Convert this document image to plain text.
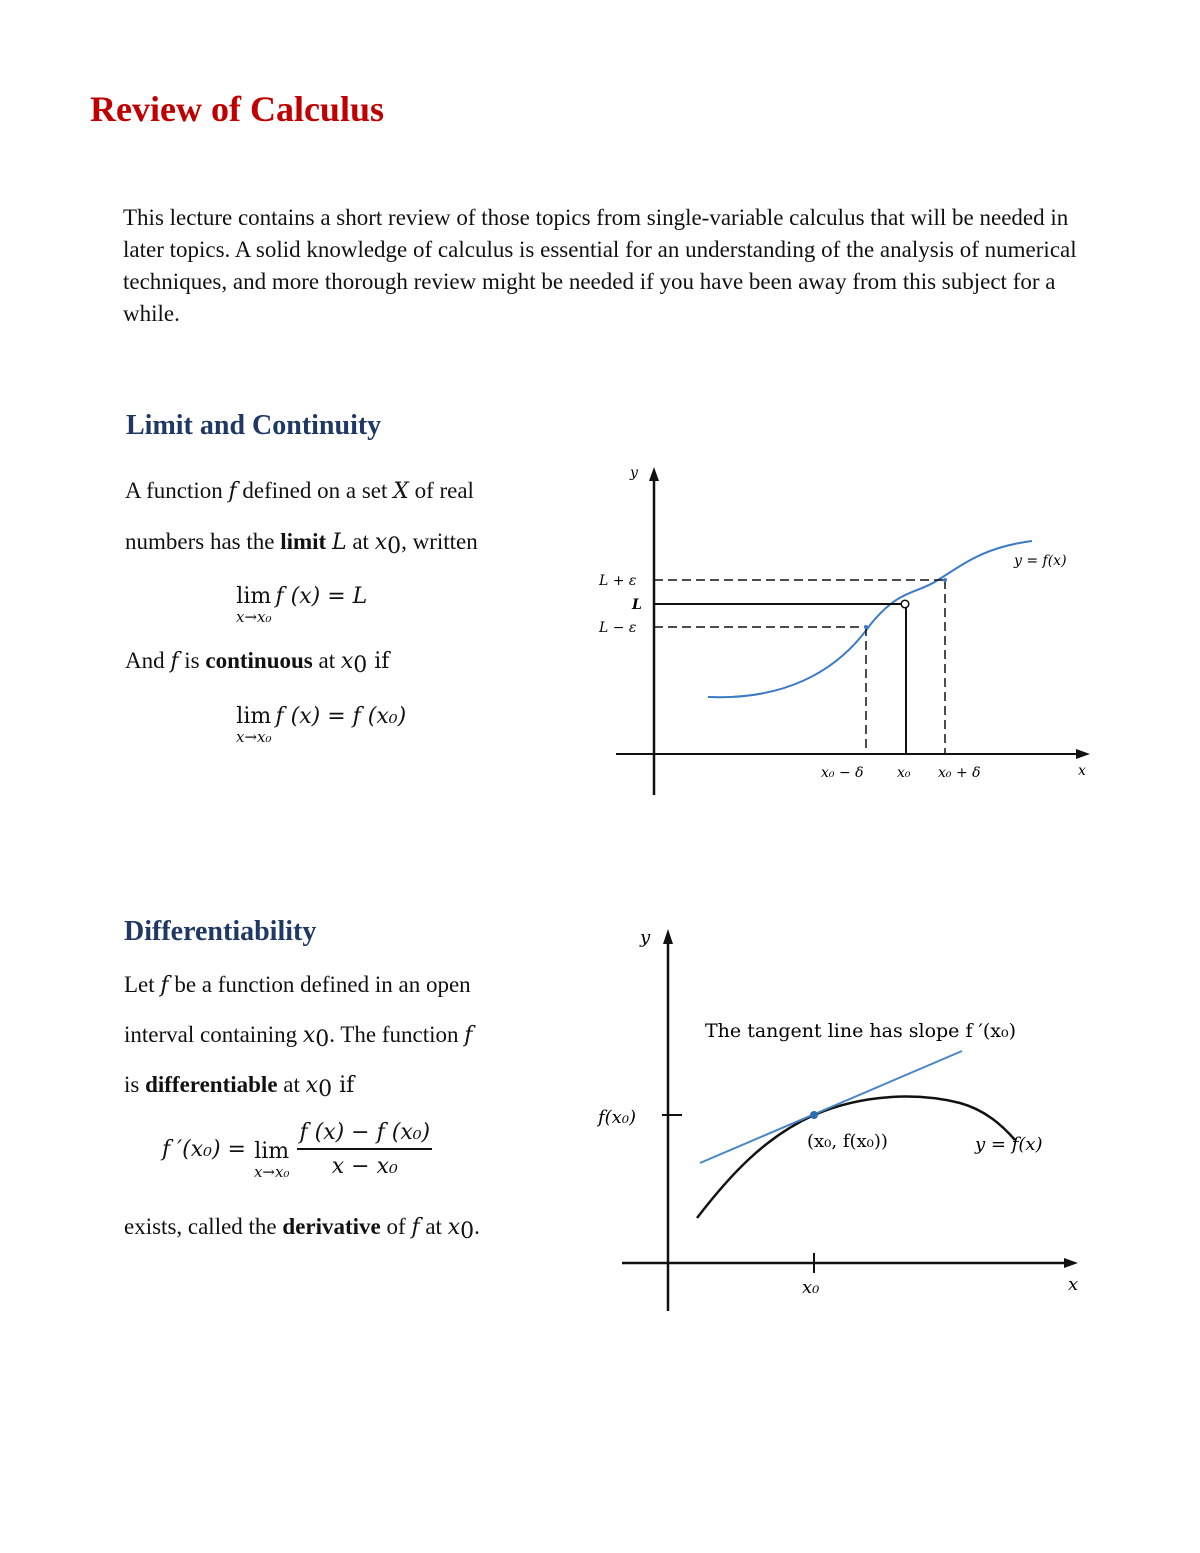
Review of Calculus
This lecture contains a short review of those topics from single-variable calculus that will be needed in later topics. A solid knowledge of calculus is essential for an understanding of the analysis of numerical techniques, and more thorough review might be needed if you have been away from this subject for a while.
Limit and Continuity
A function f defined on a set X of real
numbers has the limit L at $x_0$, written
lim
x→x₀
f (x) = L
And f is continuous at $x_0$ if
lim
x→x₀
f (x) = f (x₀)
y
x
L + ε
L
L − ε
y = f(x)
x₀ − δ x₀ x₀ + δ
Differentiability
Let f be a function defined in an open
interval containing $x_0$. The function f
is differentiable at $x_0$ if
f ′(x₀) = lim
x→x₀
$\frac{\text{f (x) − f (x₀)}}{\text{x − x₀}}$
exists, called the derivative of f at $x_0$.
y
x
f(x₀)
x₀
The tangent line has slope f ′(x₀)
(x₀, f(x₀))	y = f(x)
